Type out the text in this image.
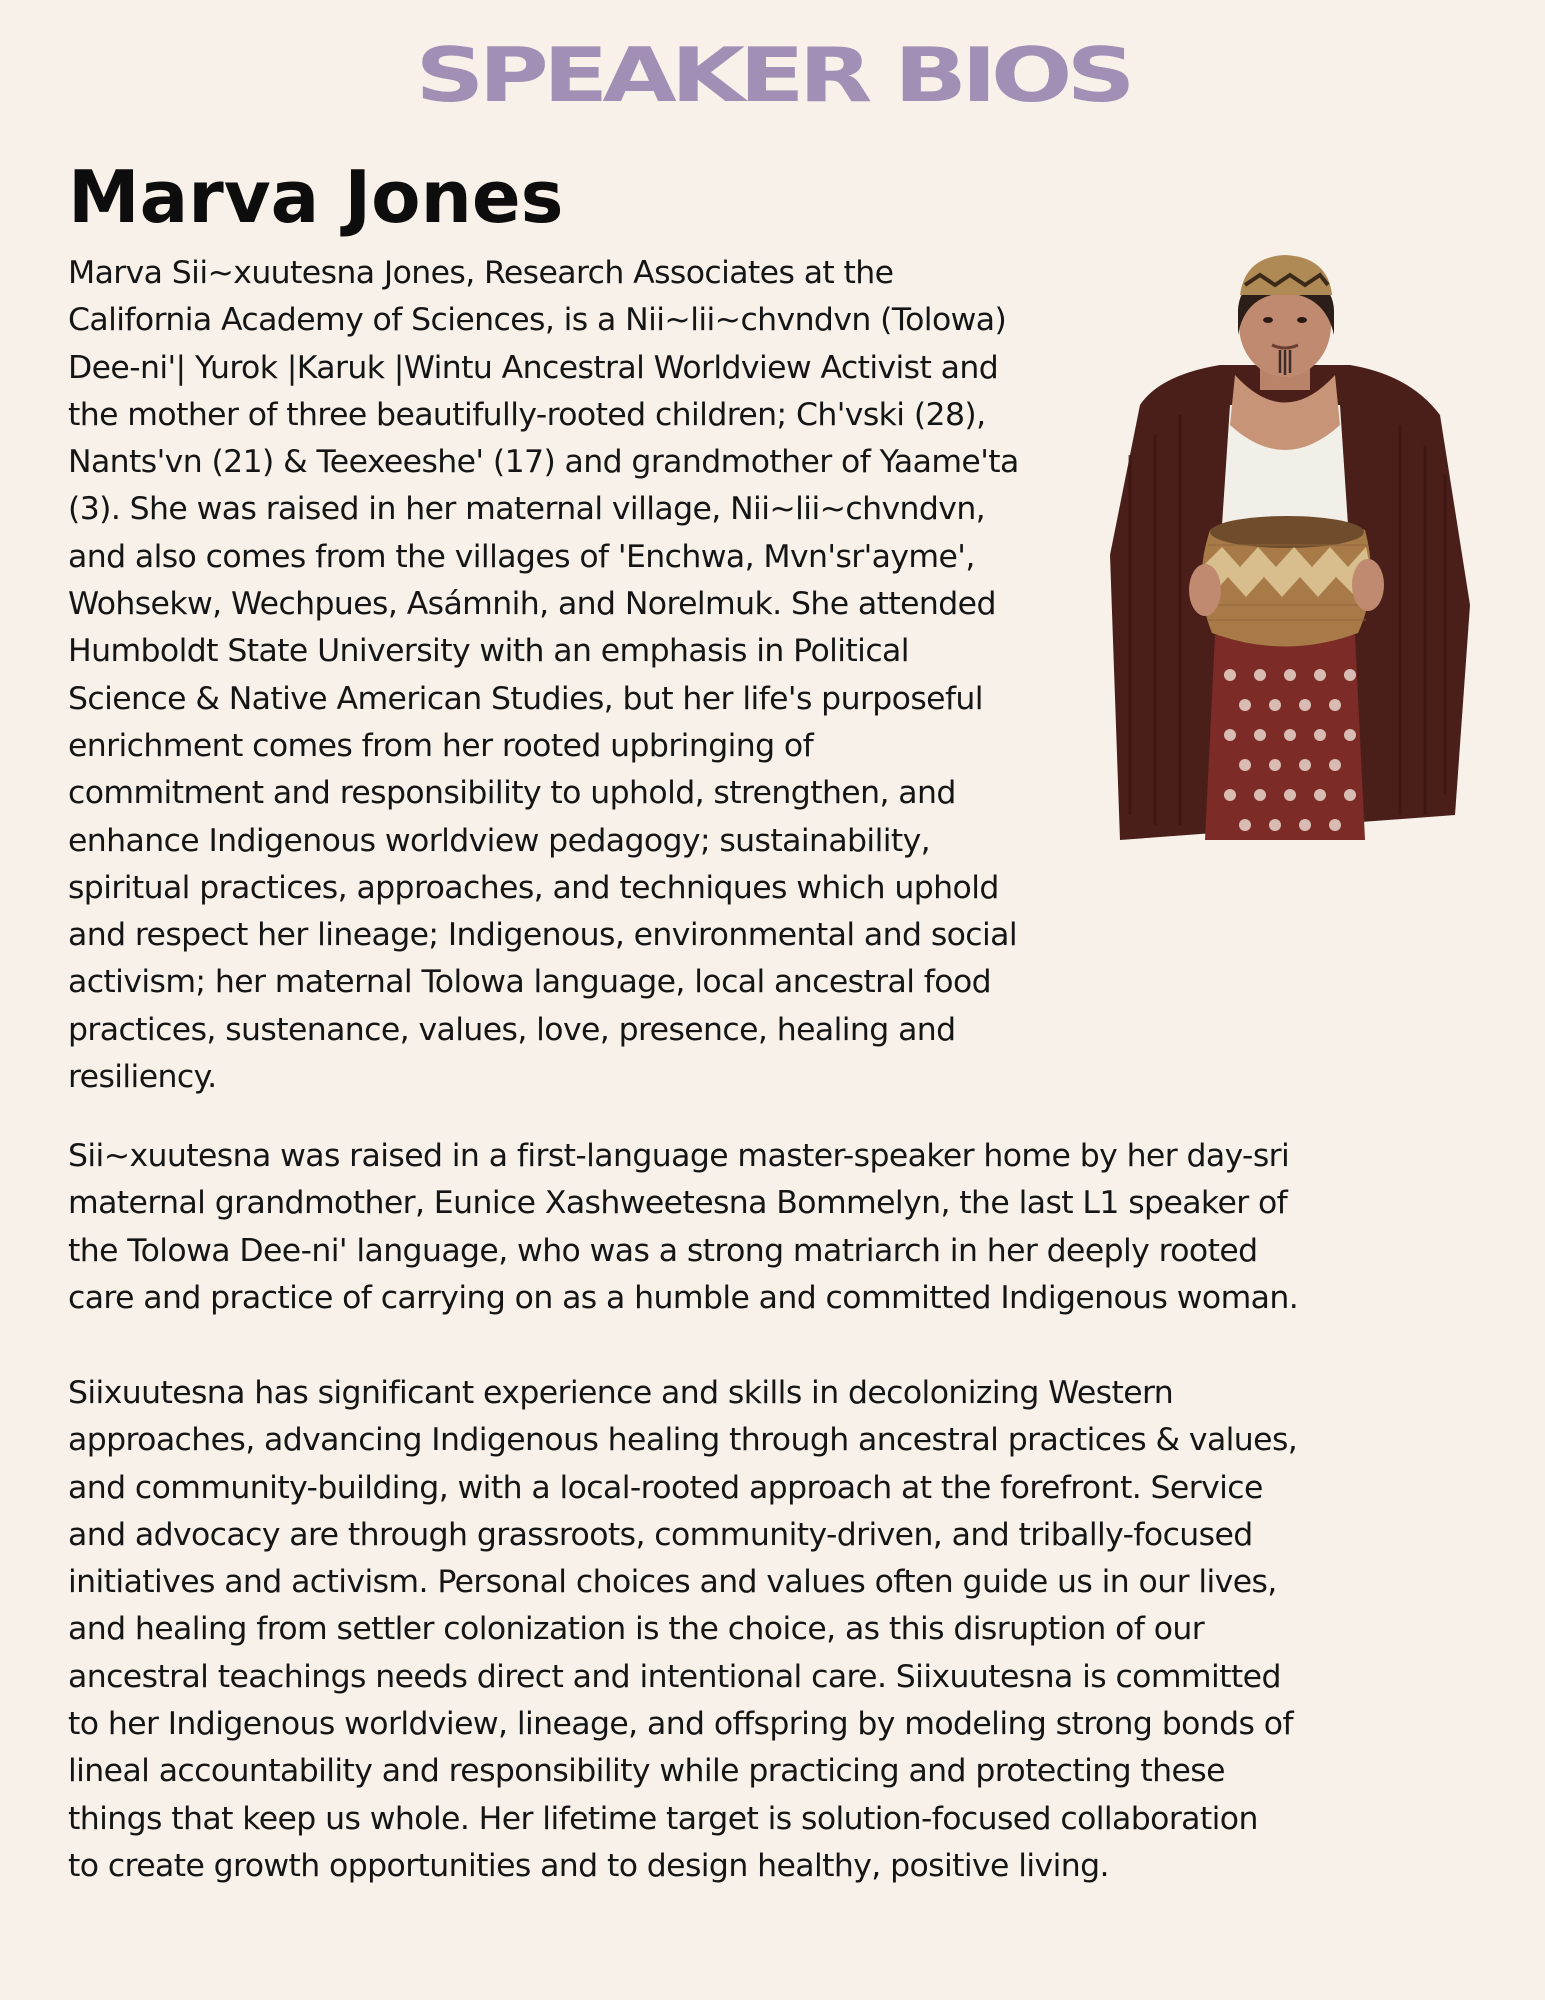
SPEAKER BIOS
Marva Jones

Marva Sii~xuutesna Jones, Research Associates at the
California Academy of Sciences, is a Nii~lii~chvndvn (Tolowa)
Dee-ni'| Yurok |Karuk |Wintu Ancestral Worldview Activist and
the mother of three beautifully-rooted children; Ch'vski (28),
Nants'vn (21) & Teexeeshe' (17) and grandmother of Yaame'ta
(3). She was raised in her maternal village, Nii~lii~chvndvn,
and also comes from the villages of 'Enchwa, Mvn'sr'ayme',
Wohsekw, Wechpues, Asámnih, and Norelmuk. She attended
Humboldt State University with an emphasis in Political
Science & Native American Studies, but her life's purposeful
enrichment comes from her rooted upbringing of
commitment and responsibility to uphold, strengthen, and
enhance Indigenous worldview pedagogy; sustainability,
spiritual practices, approaches, and techniques which uphold
and respect her lineage; Indigenous, environmental and social
activism; her maternal Tolowa language, local ancestral food
practices, sustenance, values, love, presence, healing and
resiliency.

Sii~xuutesna was raised in a first-language master-speaker home by her day-sri
maternal grandmother, Eunice Xashweetesna Bommelyn, the last L1 speaker of
the Tolowa Dee-ni' language, who was a strong matriarch in her deeply rooted
care and practice of carrying on as a humble and committed Indigenous woman.

Siixuutesna has significant experience and skills in decolonizing Western
approaches, advancing Indigenous healing through ancestral practices & values,
and community-building, with a local-rooted approach at the forefront. Service
and advocacy are through grassroots, community-driven, and tribally-focused
initiatives and activism. Personal choices and values often guide us in our lives,
and healing from settler colonization is the choice, as this disruption of our
ancestral teachings needs direct and intentional care. Siixuutesna is committed
to her Indigenous worldview, lineage, and offspring by modeling strong bonds of
lineal accountability and responsibility while practicing and protecting these
things that keep us whole. Her lifetime target is solution-focused collaboration
to create growth opportunities and to design healthy, positive living.
